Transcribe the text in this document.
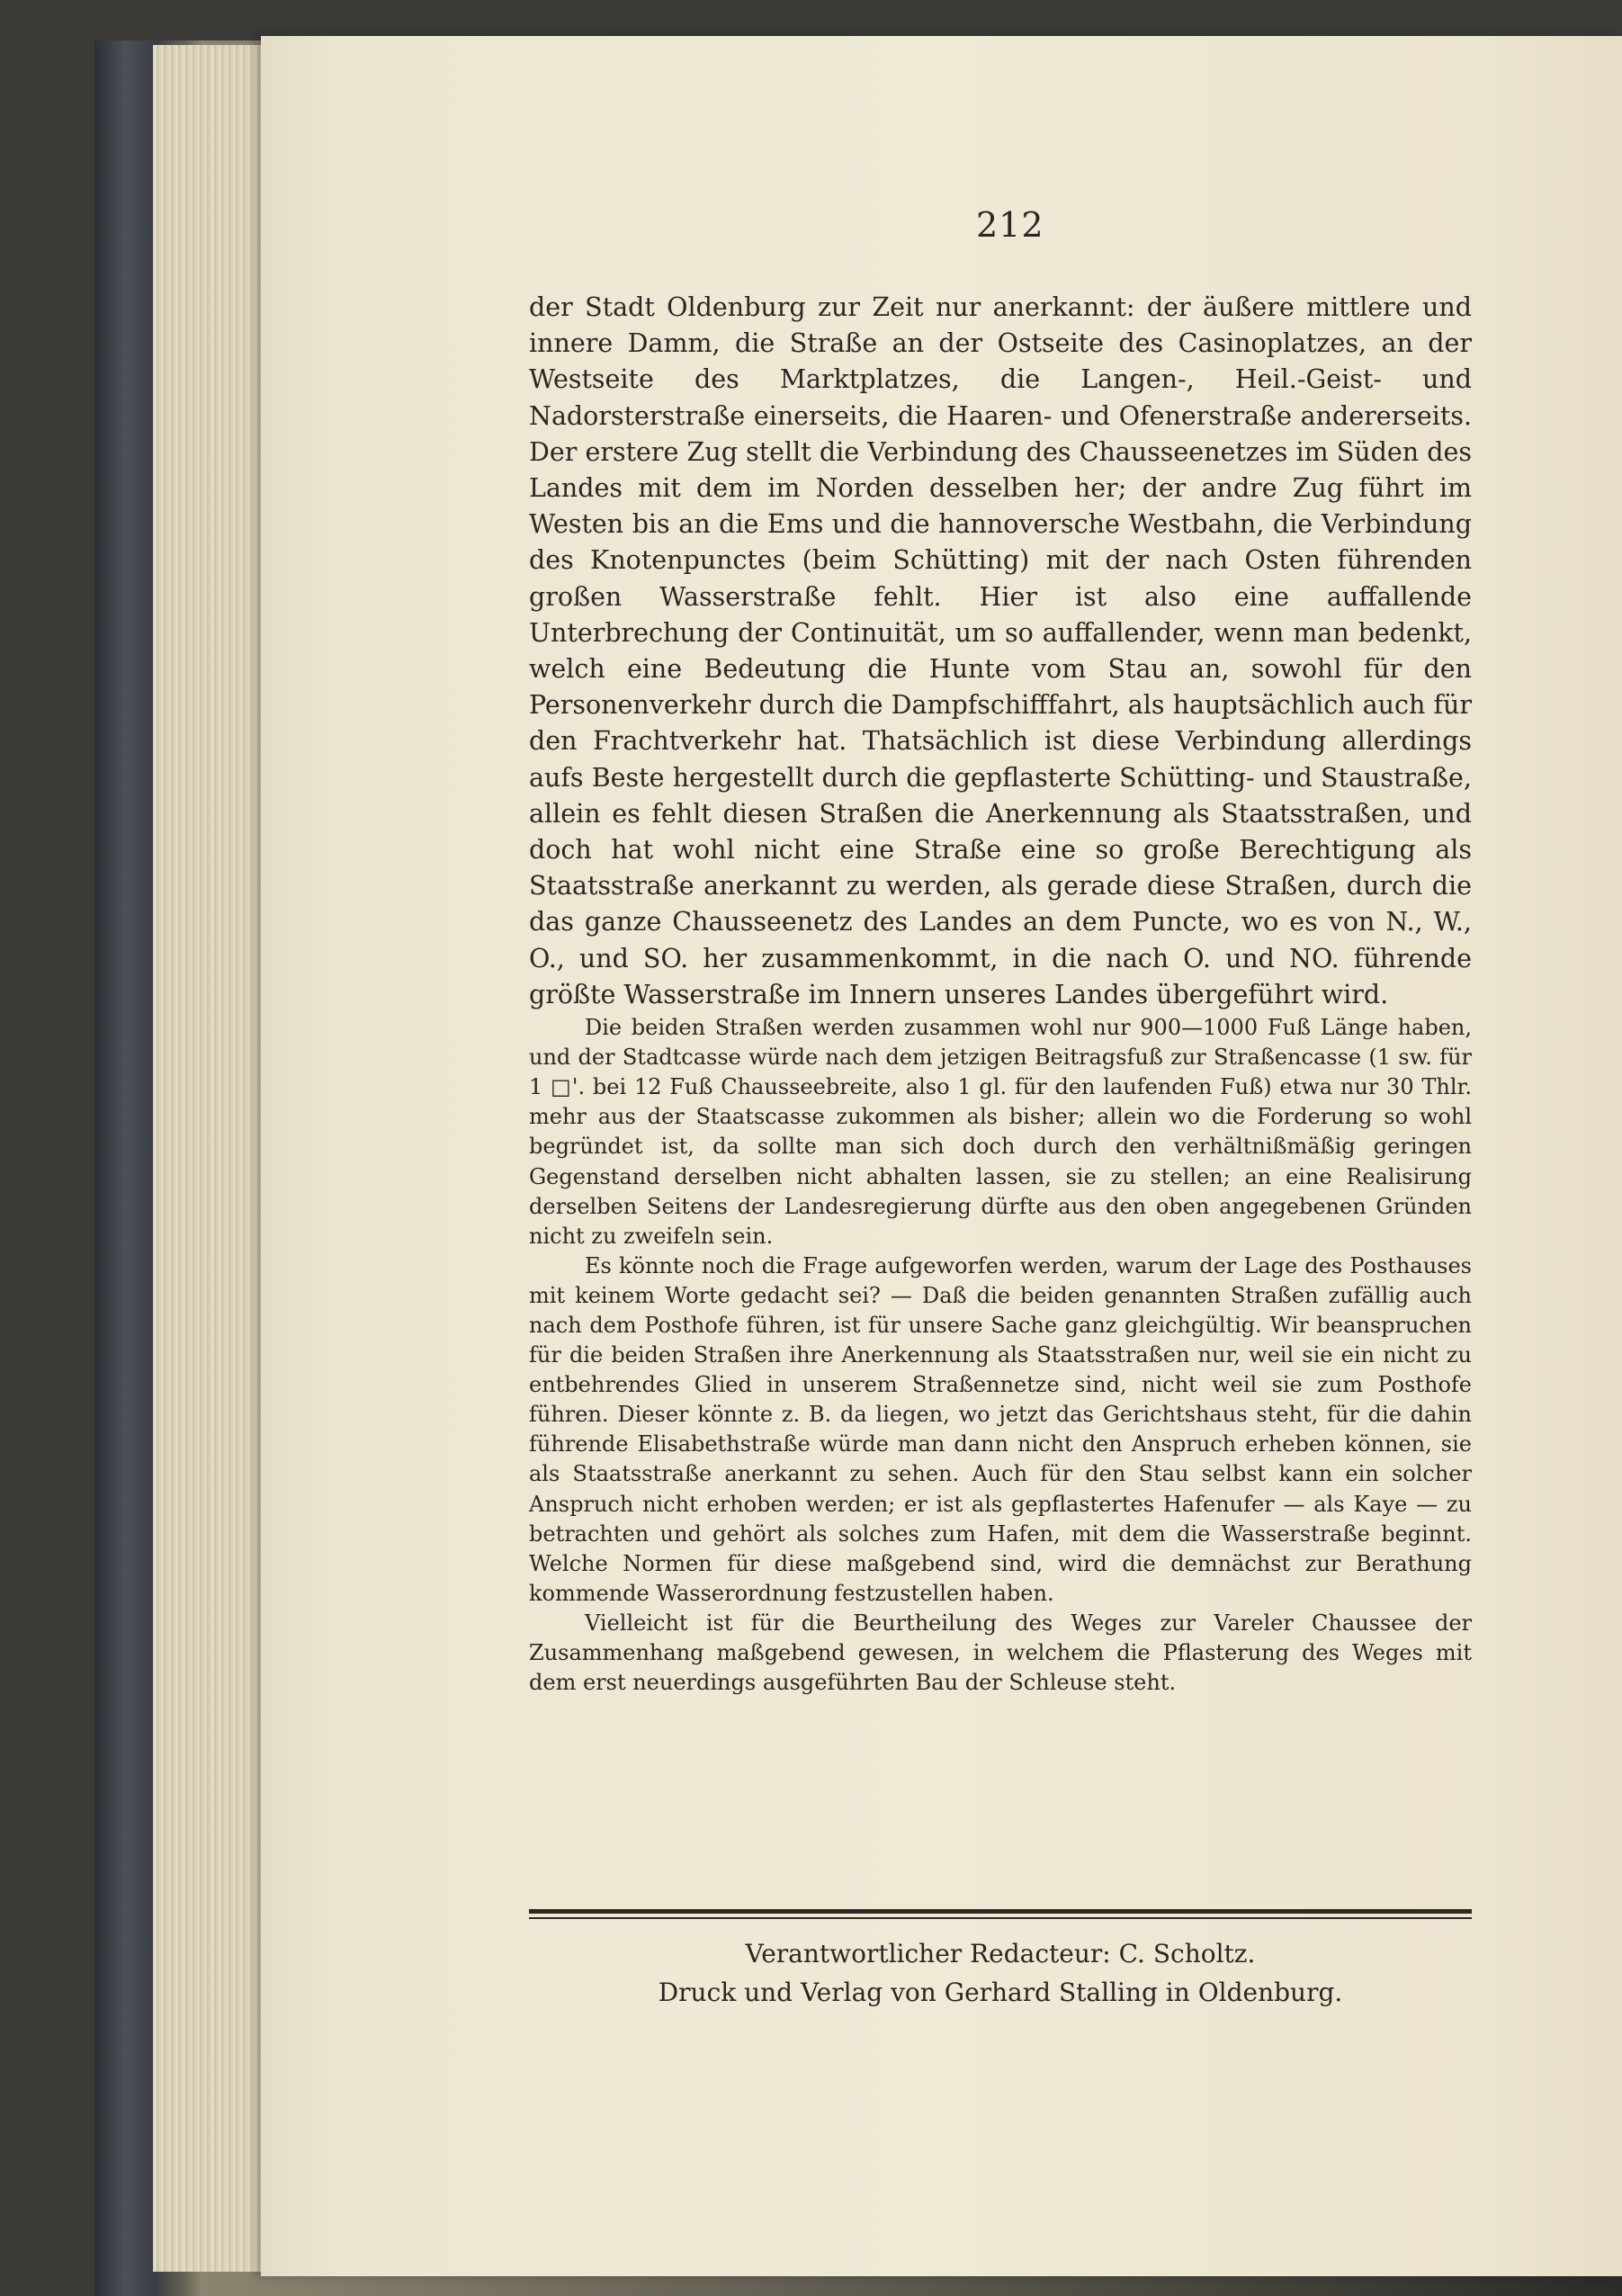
212

der Stadt Oldenburg zur Zeit nur anerkannt: der äußere mittlere und innere Damm, die Straße an der Ostseite des Casinoplatzes, an der Westseite des Marktplatzes, die Langen-, Heil.-Geist- und Nadorsterstraße einerseits, die Haaren- und Ofenerstraße andererseits. Der erstere Zug stellt die Verbindung des Chausseenetzes im Süden des Landes mit dem im Norden desselben her; der andre Zug führt im Westen bis an die Ems und die hannoversche Westbahn, die Verbindung des Knotenpunctes (beim Schütting) mit der nach Osten führenden großen Wasserstraße fehlt. Hier ist also eine auffallende Unterbrechung der Continuität, um so auffallender, wenn man bedenkt, welch eine Bedeutung die Hunte vom Stau an, sowohl für den Personenverkehr durch die Dampfschifffahrt, als hauptsächlich auch für den Frachtverkehr hat. Thatsächlich ist diese Verbindung allerdings aufs Beste hergestellt durch die gepflasterte Schütting- und Staustraße, allein es fehlt diesen Straßen die Anerkennung als Staatsstraßen, und doch hat wohl nicht eine Straße eine so große Berechtigung als Staatsstraße anerkannt zu werden, als gerade diese Straßen, durch die das ganze Chausseenetz des Landes an dem Puncte, wo es von N., W., O., und SO. her zusammenkommt, in die nach O. und NO. führende größte Wasserstraße im Innern unseres Landes übergeführt wird.

Die beiden Straßen werden zusammen wohl nur 900—1000 Fuß Länge haben, und der Stadtcasse würde nach dem jetzigen Beitragsfuß zur Straßencasse (1 sw. für 1 □'. bei 12 Fuß Chausseebreite, also 1 gl. für den laufenden Fuß) etwa nur 30 Thlr. mehr aus der Staatscasse zukommen als bisher; allein wo die Forderung so wohl begründet ist, da sollte man sich doch durch den verhältnißmäßig geringen Gegenstand derselben nicht abhalten lassen, sie zu stellen; an eine Realisirung derselben Seitens der Landesregierung dürfte aus den oben angegebenen Gründen nicht zu zweifeln sein.

Es könnte noch die Frage aufgeworfen werden, warum der Lage des Posthauses mit keinem Worte gedacht sei? — Daß die beiden genannten Straßen zufällig auch nach dem Posthofe führen, ist für unsere Sache ganz gleichgültig. Wir beanspruchen für die beiden Straßen ihre Anerkennung als Staatsstraßen nur, weil sie ein nicht zu entbehrendes Glied in unserem Straßennetze sind, nicht weil sie zum Posthofe führen. Dieser könnte z. B. da liegen, wo jetzt das Gerichtshaus steht, für die dahin führende Elisabethstraße würde man dann nicht den Anspruch erheben können, sie als Staatsstraße anerkannt zu sehen. Auch für den Stau selbst kann ein solcher Anspruch nicht erhoben werden; er ist als gepflastertes Hafenufer — als Kaye — zu betrachten und gehört als solches zum Hafen, mit dem die Wasserstraße beginnt. Welche Normen für diese maßgebend sind, wird die demnächst zur Berathung kommende Wasserordnung festzustellen haben.

Vielleicht ist für die Beurtheilung des Weges zur Vareler Chaussee der Zusammenhang maßgebend gewesen, in welchem die Pflasterung des Weges mit dem erst neuerdings ausgeführten Bau der Schleuse steht.

Verantwortlicher Redacteur: C. Scholtz.
Druck und Verlag von Gerhard Stalling in Oldenburg.
